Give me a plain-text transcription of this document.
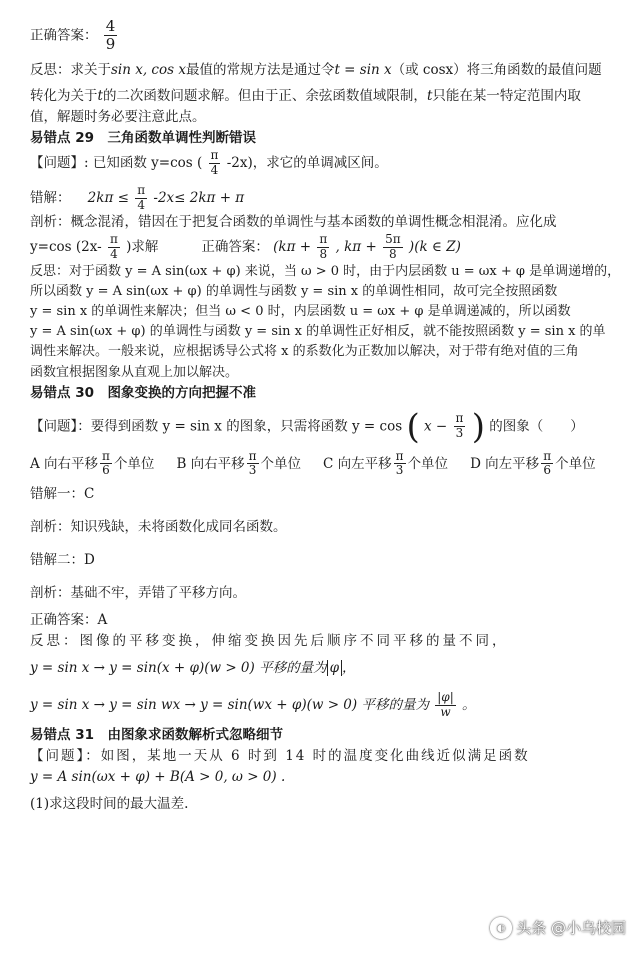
正确答案： $\frac{4}{9}$
反思：求关于sin x, cos x最值的常规方法是通过令t = sin x（或 cosx）将三角函数的最值问题
转化为关于t的二次函数问题求解。但由于正、余弦函数值域限制，t只能在某一特定范围内取
值，解题时务必要注意此点。
易错点 29　三角函数单调性判断错误
【问题】: 已知函数 y=cos ( $\frac{\pi}{4} -2x$)，求它的单调减区间。
错解： $2k\pi \le \frac{\pi}{4} -2x\le 2k\pi + \pi$
剖析：概念混淆，错因在于把复合函数的单调性与基本函数的单调性概念相混淆。应化成
y=cos ($2x- \frac{\pi}{4}$ )求解	正确答案： ($k\pi + \frac{\pi}{8}$ , $k\pi + \frac{5\pi}{8} )(k$ ∈ Z)
反思：对于函数 y = A sin(ωx + φ) 来说，当 ω > 0 时，由于内层函数 u = ωx + φ 是单调递增的，
所以函数 y = A sin(ωx + φ) 的单调性与函数 y = sin x 的单调性相同，故可完全按照函数
y = sin x 的单调性来解决；但当 ω < 0 时，内层函数 u = ωx + φ 是单调递减的，所以函数
y = A sin(ωx + φ) 的单调性与函数 y = sin x 的单调性正好相反，就不能按照函数 y = sin x 的单
调性来解决。一般来说，应根据诱导公式将 x 的系数化为正数加以解决，对于带有绝对值的三角
函数宜根据图象从直观上加以解决。
易错点 30　图象变换的方向把握不准
【问题】：要得到函数 y = sin x 的图象，只需将函数 y = cos ( $x - \frac{\pi}{3}$ ) 的图象（　　）
A 向右平移 $\frac{\pi}{6}$ 个单位 B 向右平移 $\frac{\pi}{3}$ 个单位 C 向左平移 $\frac{\pi}{3}$ 个单位 D 向左平移 $\frac{\pi}{6}$ 个单位
错解一：C
剖析：知识残缺，未将函数化成同名函数。
错解二：D
剖析：基础不牢，弄错了平移方向。
正确答案：A
反思：图像的平移变换，伸缩变换因先后顺序不同平移的量不同，
y = sin x → y = sin(x + φ)(w > 0) 平移的量为 φ ，
y = sin x → y = sin wx → y = sin(wx + φ)(w > 0) 平移的量为 $\frac{|\varphi|}{w}$ 。
易错点 31　由图象求函数解析式忽略细节
【问题】：如图，某地一天从 6 时到 14 时的温度变化曲线近似满足函数
y = A sin(ωx + φ) + B(A > 0, ω > 0) .
(1)求这段时间的最大温差.
◐ 头条 @小乌校园
